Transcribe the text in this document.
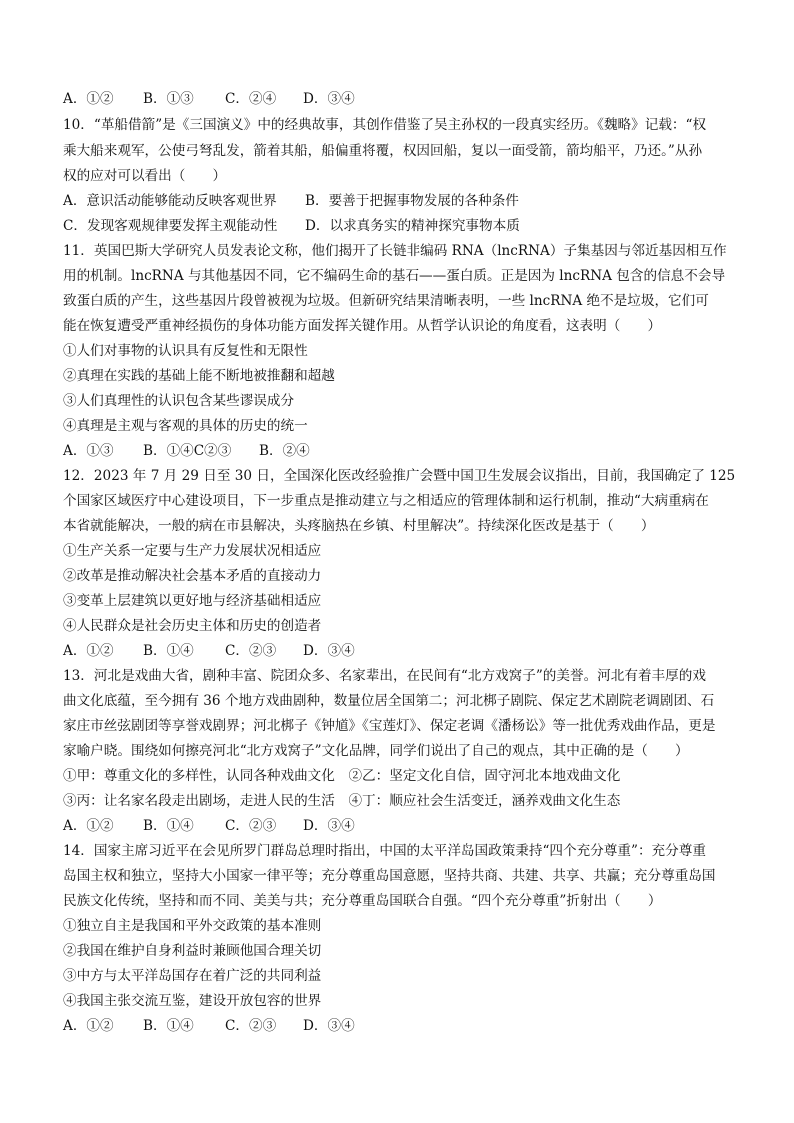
A．①② B．①③ C．②④ D．③④
10．“革船借箭”是《三国演义》中的经典故事，其创作借鉴了吴主孙权的一段真实经历。《魏略》记载：“权
乘大船来观军，公使弓弩乱发，箭着其船，船偏重将覆，权因回船，复以一面受箭，箭均船平，乃还。”从孙
权的应对可以看出（　　）
A．意识活动能够能动反映客观世界 B．要善于把握事物发展的各种条件
C．发现客观规律要发挥主观能动性 D．以求真务实的精神探究事物本质
11．英国巴斯大学研究人员发表论文称，他们揭开了长链非编码 RNA（lncRNA）子集基因与邻近基因相互作
用的机制。lncRNA 与其他基因不同，它不编码生命的基石——蛋白质。正是因为 lncRNA 包含的信息不会导
致蛋白质的产生，这些基因片段曾被视为垃圾。但新研究结果清晰表明，一些 lncRNA 绝不是垃圾，它们可
能在恢复遭受严重神经损伤的身体功能方面发挥关键作用。从哲学认识论的角度看，这表明（　　）
①人们对事物的认识具有反复性和无限性
②真理在实践的基础上能不断地被推翻和超越
③人们真理性的认识包含某些谬误成分
④真理是主观与客观的具体的历史的统一
A．①③ B．①④C②③ B．②④
12．2023 年 7 月 29 日至 30 日，全国深化医改经验推广会暨中国卫生发展会议指出，目前，我国确定了 125
个国家区域医疗中心建设项目，下一步重点是推动建立与之相适应的管理体制和运行机制，推动“大病重病在
本省就能解决，一般的病在市县解决，头疼脑热在乡镇、村里解决”。持续深化医改是基于（　　）
①生产关系一定要与生产力发展状况相适应
②改革是推动解决社会基本矛盾的直接动力
③变革上层建筑以更好地与经济基础相适应
④人民群众是社会历史主体和历史的创造者
A．①② B．①④ C．②③ D．③④
13．河北是戏曲大省，剧种丰富、院团众多、名家辈出，在民间有“北方戏窝子”的美誉。河北有着丰厚的戏
曲文化底蕴，至今拥有 36 个地方戏曲剧种，数量位居全国第二；河北梆子剧院、保定艺术剧院老调剧团、石
家庄市丝弦剧团等享誉戏剧界；河北梆子《钟馗》《宝莲灯》、保定老调《潘杨讼》等一批优秀戏曲作品，更是
家喻户晓。围绕如何擦亮河北“北方戏窝子”文化品牌，同学们说出了自己的观点，其中正确的是（　　）
①甲：尊重文化的多样性，认同各种戏曲文化　②乙：坚定文化自信，固守河北本地戏曲文化
③丙：让名家名段走出剧场，走进人民的生活　④丁：顺应社会生活变迁，涵养戏曲文化生态
A．①② B．①④ C．②③ D．③④
14．国家主席习近平在会见所罗门群岛总理时指出，中国的太平洋岛国政策秉持“四个充分尊重”：充分尊重
岛国主权和独立，坚持大小国家一律平等；充分尊重岛国意愿，坚持共商、共建、共享、共赢；充分尊重岛国
民族文化传统，坚持和而不同、美美与共；充分尊重岛国联合自强。“四个充分尊重”折射出（　　）
①独立自主是我国和平外交政策的基本准则
②我国在维护自身利益时兼顾他国合理关切
③中方与太平洋岛国存在着广泛的共同利益
④我国主张交流互鉴，建设开放包容的世界
A．①② B．①④ C．②③ D．③④
